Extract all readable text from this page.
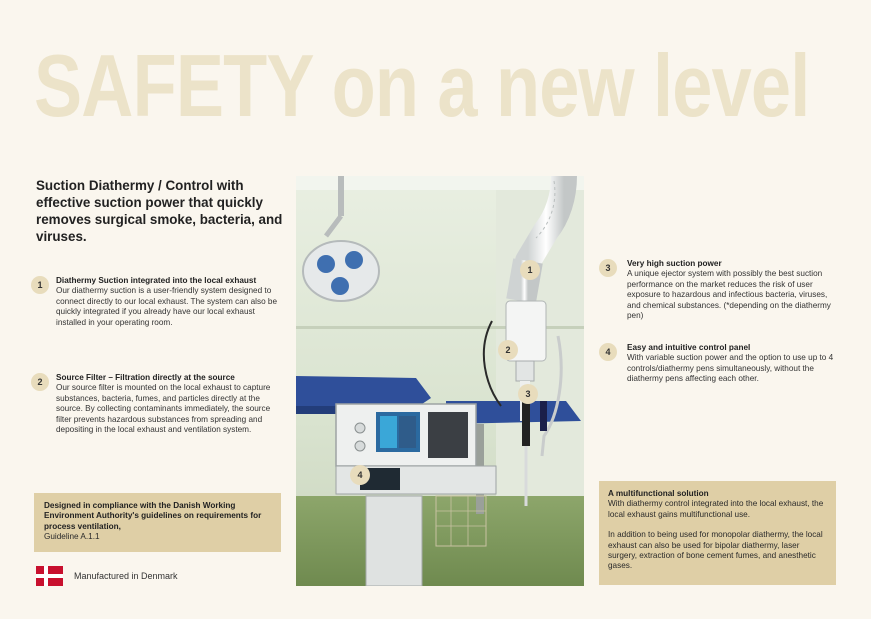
SAFETY on a new level
Suction Diathermy / Control with effective suction power that quickly removes surgical smoke, bacteria, and viruses.
1	Diathermy Suction integrated into the local exhaust
Our diathermy suction is a user-friendly system designed to connect directly to our local exhaust. The system can also be quickly integrated if you already have our local exhaust installed in your operating room.
2	Source Filter – Filtration directly at the source
Our source filter is mounted on the local exhaust to capture substances, bacteria, fumes, and particles directly at the source. By collecting contaminants immediately, the source filter prevents hazardous substances from spreading and depositing in the local exhaust and ventilation system.
Designed in compliance with the Danish Working Environment Authority's guidelines on requirements for process ventilation,
Guideline A.1.1
1
2
3
4
3	Very high suction power
A unique ejector system with possibly the best suction performance on the market reduces the risk of user exposure to hazardous and infectious bacteria, viruses, and chemical substances. (*depending on the diathermy pen)
4	Easy and intuitive control panel
With variable suction power and the option to use up to 4 controls/diathermy pens simultaneously, without the diathermy pens affecting each other.
A multifunctional solution
With diathermy control integrated into the local exhaust, the local exhaust gains multifunctional use.
In addition to being used for monopolar diathermy, the local exhaust can also be used for bipolar diathermy, laser surgery, extraction of bone cement fumes, and anesthetic gases.
Manufactured in Denmark
